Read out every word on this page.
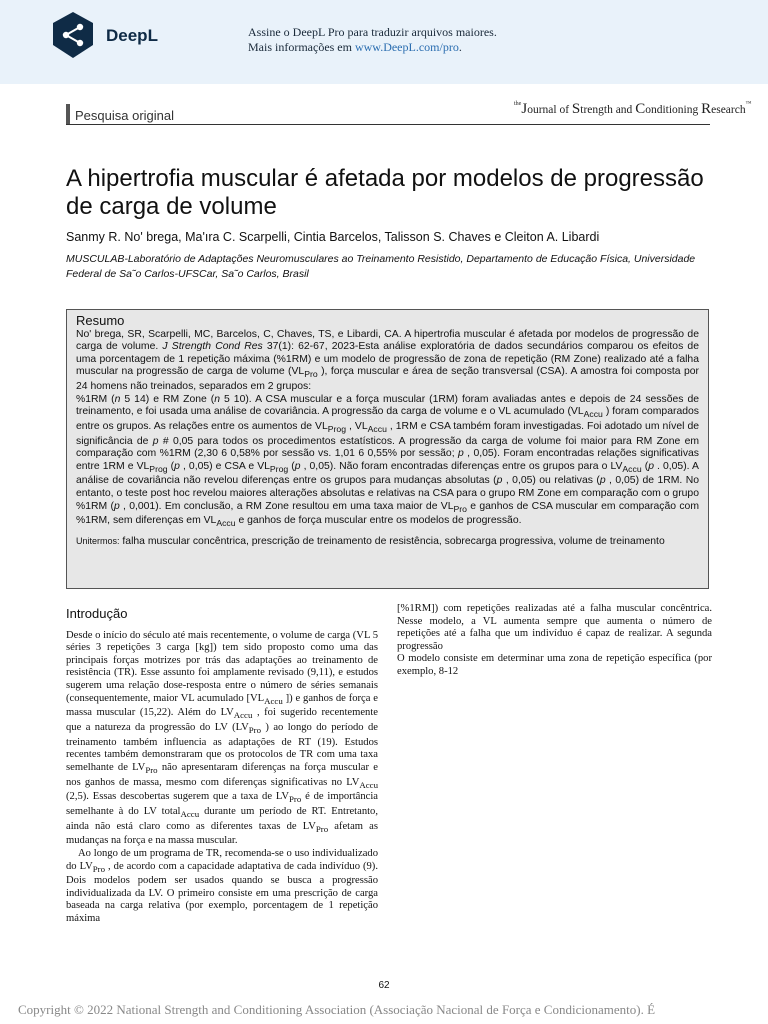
DeepL	Assine o DeepL Pro para traduzir arquivos maiores.
Mais informações em www.DeepL.com/pro.
Pesquisa original
$^{the}$Journal of Strength and Conditioning Research™
A hipertrofia muscular é afetada por modelos de progressão de carga de volume
Sanmy R. No' brega, Ma'ıra C. Scarpelli, Cintia Barcelos, Talisson S. Chaves e Cleiton A. Libardi
MUSCULAB-Laboratório de Adaptações Neuromusculares ao Treinamento Resistido, Departamento de Educação Física, Universidade Federal de Sa˜o Carlos-UFSCar, Sa˜o Carlos, Brasil
Resumo

No' brega, SR, Scarpelli, MC, Barcelos, C, Chaves, TS, e Libardi, CA. A hipertrofia muscular é afetada por modelos de progressão de carga de volume. J Strength Cond Res 37(1): 62-67, 2023-Esta análise exploratória de dados secundários comparou os efeitos de uma porcentagem de 1 repetição máxima (%1RM) e um modelo de progressão de zona de repetição (RM Zone) realizado até a falha muscular na progressão de carga de volume ($VL_{Pro}$ ), força muscular e área de seção transversal (CSA). A amostra foi composta por 24 homens não treinados, separados em 2 grupos:

%1RM (n 5 14) e RM Zone (n 5 10). A CSA muscular e a força muscular (1RM) foram avaliadas antes e depois de 24 sessões de treinamento, e foi usada uma análise de covariância. A progressão da carga de volume e o VL acumulado ($VL_{Accu}$ ) foram comparados entre os grupos. As relações entre os aumentos de $VL_{Prog}$ , $VL_{Accu}$ , 1RM e CSA também foram investigadas. Foi adotado um nível de significância de p # 0,05 para todos os procedimentos estatísticos. A progressão da carga de volume foi maior para RM Zone em comparação com %1RM (2,30 6 0,58% por sessão vs. 1,01 6 0,55% por sessão; p , 0,05). Foram encontradas relações significativas entre 1RM e $VL_{Prog}$ (p , 0,05) e CSA e $VL_{Prog}$ (p , 0,05). Não foram encontradas diferenças entre os grupos para o $LV_{Accu}$ (p . 0,05). A análise de covariância não revelou diferenças entre os grupos para mudanças absolutas (p , 0,05) ou relativas (p , 0,05) de 1RM. No entanto, o teste post hoc revelou maiores alterações absolutas e relativas na CSA para o grupo RM Zone em comparação com o grupo %1RM (p , 0,001). Em conclusão, a RM Zone resultou em uma taxa maior de $VL_{Pro}$ e ganhos de CSA muscular em comparação com %1RM, sem diferenças em $VL_{Accu}$ e ganhos de força muscular entre os modelos de progressão.

Unitermos: falha muscular concêntrica, prescrição de treinamento de resistência, sobrecarga progressiva, volume de treinamento

Introdução

Desde o início do século até mais recentemente, o volume de carga (VL 5 séries 3 repetições 3 carga [kg]) tem sido proposto como uma das principais forças motrizes por trás das adaptações ao treinamento de resistência (TR). Esse assunto foi amplamente revisado (9,11), e estudos sugerem uma relação dose-resposta entre o número de séries semanais (consequentemente, maior VL acumulado [$VL_{Accu}$ ]) e ganhos de força e massa muscular (15,22). Além do $LV_{Accu}$ , foi sugerido recentemente que a natureza da progressão do LV ($LV_{Pro}$ ) ao longo do período de treinamento também influencia as adaptações de RT (19). Estudos recentes também demonstraram que os protocolos de TR com uma taxa semelhante de $LV_{Pro}$ não apresentaram diferenças na força muscular e nos ganhos de massa, mesmo com diferenças significativas no $LV_{Accu}$ (2,5). Essas descobertas sugerem que a taxa de $LV_{Pro}$ é de importância semelhante à do LV total$_{Accu}$ durante um período de RT. Entretanto, ainda não está claro como as diferentes taxas de $LV_{Pro}$ afetam as mudanças na força e na massa muscular.

Ao longo de um programa de TR, recomenda-se o uso individualizado do $LV_{Pro}$ , de acordo com a capacidade adaptativa de cada indivíduo (9). Dois modelos podem ser usados quando se busca a progressão individualizada da LV. O primeiro consiste em uma prescrição de carga baseada na carga relativa (por exemplo, porcentagem de 1 repetição máxima

[%1RM]) com repetições realizadas até a falha muscular concêntrica. Nesse modelo, a VL aumenta sempre que aumenta o número de repetições até a falha que um indivíduo é capaz de realizar. A segunda progressão

O modelo consiste em determinar uma zona de repetição específica (por exemplo, 8-12

62
Copyright © 2022 National Strength and Conditioning Association (Associação Nacional de Força e Condicionamento). É
